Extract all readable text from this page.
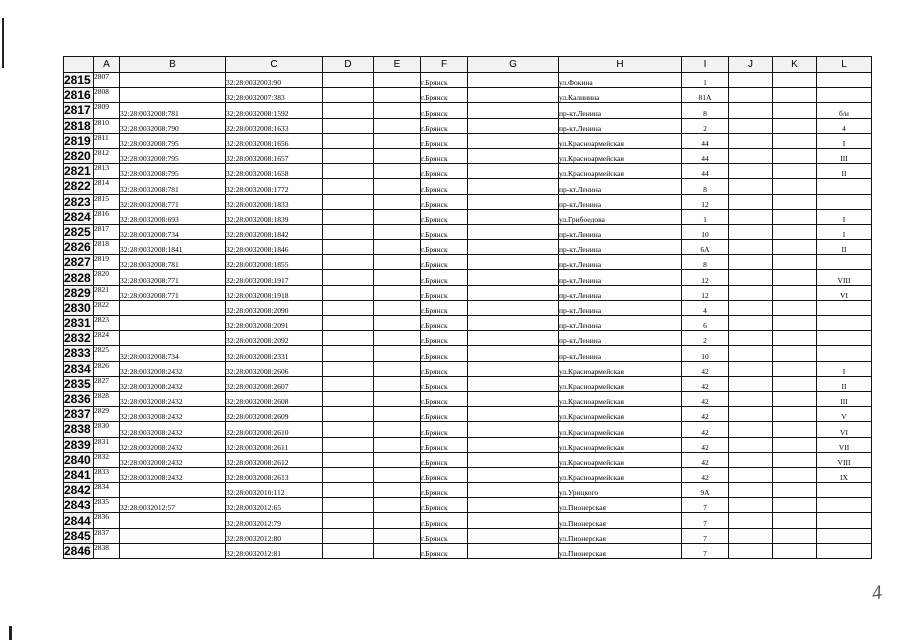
4
	A	B	C	D	E	F	G	H	I	J	K	L
2815	2807		32:28:0032003:90			г.Брянск		ул.Фокина	1			
2816	2808		32:28:0032007:383			г.Брянск		ул.Калинина	81А			
2817	2809	32:28:0032008:781	32:28:0032008:1592			г.Брянск		пр-кт.Ленина	8			б/н
2818	2810	32:28:0032008:790	32:28:0032008:1633			г.Брянск		пр-кт.Ленина	2			4
2819	2811	32:28:0032008:795	32:28:0032008:1656			г.Брянск		ул.Красноармейская	44			I
2820	2812	32:28:0032008:795	32:28:0032008:1657			г.Брянск		ул.Красноармейская	44			III
2821	2813	32:28:0032008:795	32:28:0032008:1658			г.Брянск		ул.Красноармейская	44			II
2822	2814	32:28:0032008:781	32:28:0032008:1772			г.Брянск		пр-кт.Ленина	8			
2823	2815	32:28:0032008:771	32:28:0032008:1833			г.Брянск		пр-кт.Ленина	12			
2824	2816	32:28:0032008:693	32:28:0032008:1839			г.Брянск		ул.Грибоедова	1			I
2825	2817	32:28:0032008:734	32:28:0032008:1842			г.Брянск		пр-кт.Ленина	10			I
2826	2818	32:28:0032008:1841	32:28:0032008:1846			г.Брянск		пр-кт.Ленина	6А			II
2827	2819	32:28:0032008:781	32:28:0032008:1855			г.Брянск		пр-кт.Ленина	8			
2828	2820	32:28:0032008:771	32:28:0032008:1917			г.Брянск		пр-кт.Ленина	12			VIII
2829	2821	32:28:0032008:771	32:28:0032008:1918			г.Брянск		пр-кт.Ленина	12			VI
2830	2822		32:28:0032008:2090			г.Брянск		пр-кт.Ленина	4			
2831	2823		32:28:0032008:2091			г.Брянск		пр-кт.Ленина	6			
2832	2824		32:28:0032008:2092			г.Брянск		пр-кт.Ленина	2			
2833	2825	32:28:0032008:734	32:28:0032008:2331			г.Брянск		пр-кт.Ленина	10			
2834	2826	32:28:0032008:2432	32:28:0032008:2606			г.Брянск		ул.Красноармейская	42			I
2835	2827	32:28:0032008:2432	32:28:0032008:2607			г.Брянск		ул.Красноармейская	42			II
2836	2828	32:28:0032008:2432	32:28:0032008:2608			г.Брянск		ул.Красноармейская	42			III
2837	2829	32:28:0032008:2432	32:28:0032008:2609			г.Брянск		ул.Красноармейская	42			V
2838	2830	32:28:0032008:2432	32:28:0032008:2610			г.Брянск		ул.Красноармейская	42			VI
2839	2831	32:28:0032008:2432	32:28:0032008:2611			г.Брянск		ул.Красноармейская	42			VII
2840	2832	32:28:0032008:2432	32:28:0032008:2612			г.Брянск		ул.Красноармейская	42			VIII
2841	2833	32:28:0032008:2432	32:28:0032008:2613			г.Брянск		ул.Красноармейская	42			IX
2842	2834		32:28:0032010:112			г.Брянск		ул.Урицкого	9А			
2843	2835	32:28:0032012:57	32:28:0032012:65			г.Брянск		ул.Пионерская	7			
2844	2836		32:28:0032012:79			г.Брянск		ул.Пионерская	7			
2845	2837		32:28:0032012:80			г.Брянск		ул.Пионерская	7			
2846	2838		32:28:0032012:81			г.Брянск		ул.Пионерская	7			
